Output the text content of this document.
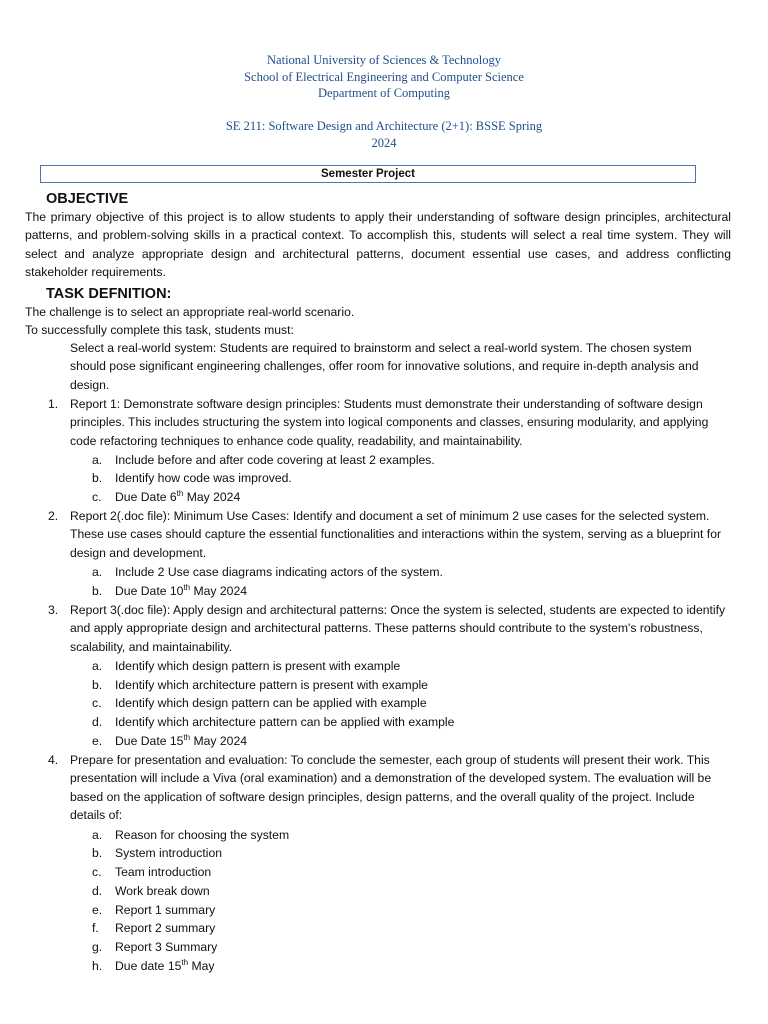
National University of Sciences & Technology
School of Electrical Engineering and Computer Science
Department of Computing
SE 211: Software Design and Architecture (2+1): BSSE Spring
2024
Semester Project
OBJECTIVE
The primary objective of this project is to allow students to apply their understanding of software design principles, architectural patterns, and problem-solving skills in a practical context. To accomplish this, students will select a real time system. They will select and analyze appropriate design and architectural patterns, document essential use cases, and address conflicting stakeholder requirements.
TASK DEFNITION:
The challenge is to select an appropriate real-world scenario.
To successfully complete this task, students must:
Select a real-world system: Students are required to brainstorm and select a real-world system. The chosen system should pose significant engineering challenges, offer room for innovative solutions, and require in-depth analysis and design.
1. Report 1: Demonstrate software design principles: Students must demonstrate their understanding of software design principles. This includes structuring the system into logical components and classes, ensuring modularity, and applying code refactoring techniques to enhance code quality, readability, and maintainability.
a. Include before and after code covering at least 2 examples.
b. Identify how code was improved.
c. Due Date 6th May 2024
2. Report 2(.doc file): Minimum Use Cases: Identify and document a set of minimum 2 use cases for the selected system. These use cases should capture the essential functionalities and interactions within the system, serving as a blueprint for design and development.
a. Include 2 Use case diagrams indicating actors of the system.
b. Due Date 10th May 2024
3. Report 3(.doc file): Apply design and architectural patterns: Once the system is selected, students are expected to identify and apply appropriate design and architectural patterns. These patterns should contribute to the system's robustness, scalability, and maintainability.
a. Identify which design pattern is present with example
b. Identify which architecture pattern is present with example
c. Identify which design pattern can be applied with example
d. Identify which architecture pattern can be applied with example
e. Due Date 15th May 2024
4. Prepare for presentation and evaluation: To conclude the semester, each group of students will present their work. This presentation will include a Viva (oral examination) and a demonstration of the developed system. The evaluation will be based on the application of software design principles, design patterns, and the overall quality of the project. Include details of:
a. Reason for choosing the system
b. System introduction
c. Team introduction
d. Work break down
e. Report 1 summary
f. Report 2 summary
g. Report 3 Summary
h. Due date 15th May
